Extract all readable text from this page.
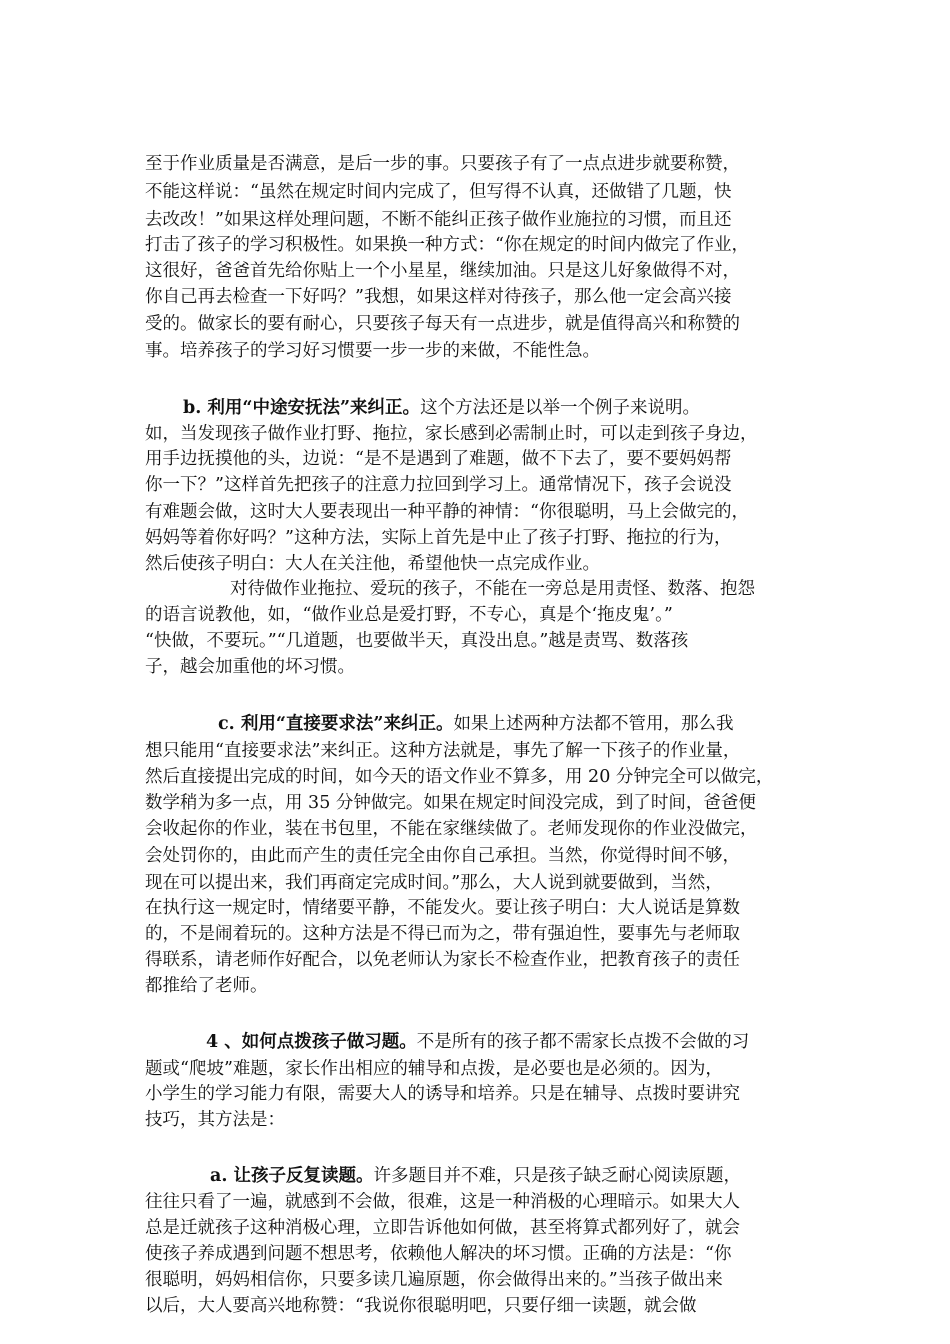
至于作业质量是否满意，是后一步的事。只要孩子有了一点点进步就要称赞，
不能这样说：“虽然在规定时间内完成了，但写得不认真，还做错了几题，快
去改改！”如果这样处理问题，不断不能纠正孩子做作业施拉的习惯，而且还
打击了孩子的学习积极性。如果换一种方式：“你在规定的时间内做完了作业，
这很好，爸爸首先给你贴上一个小星星，继续加油。只是这儿好象做得不对，
你自己再去检查一下好吗？”我想，如果这样对待孩子，那么他一定会高兴接
受的。做家长的要有耐心，只要孩子每天有一点进步，就是值得高兴和称赞的
事。培养孩子的学习好习惯要一步一步的来做，不能性急。
b. 利用“中途安抚法”来纠正。这个方法还是以举一个例子来说明。
如，当发现孩子做作业打野、拖拉，家长感到必需制止时，可以走到孩子身边，
用手边抚摸他的头，边说：“是不是遇到了难题，做不下去了，要不要妈妈帮
你一下？”这样首先把孩子的注意力拉回到学习上。通常情况下，孩子会说没
有难题会做，这时大人要表现出一种平静的神情：“你很聪明，马上会做完的，
妈妈等着你好吗？”这种方法，实际上首先是中止了孩子打野、拖拉的行为，
然后使孩子明白：大人在关注他，希望他快一点完成作业。
对待做作业拖拉、爱玩的孩子，不能在一旁总是用责怪、数落、抱怨
的语言说教他，如，“做作业总是爱打野，不专心，真是个‘拖皮鬼’。”
“快做，不要玩。”“几道题，也要做半天，真没出息。”越是责骂、数落孩
子，越会加重他的坏习惯。
c. 利用“直接要求法”来纠正。如果上述两种方法都不管用，那么我
想只能用“直接要求法”来纠正。这种方法就是，事先了解一下孩子的作业量，
然后直接提出完成的时间，如今天的语文作业不算多，用 20 分钟完全可以做完，
数学稍为多一点，用 35 分钟做完。如果在规定时间没完成，到了时间，爸爸便
会收起你的作业，装在书包里，不能在家继续做了。老师发现你的作业没做完，
会处罚你的，由此而产生的责任完全由你自己承担。当然，你觉得时间不够，
现在可以提出来，我们再商定完成时间。”那么，大人说到就要做到，当然，
在执行这一规定时，情绪要平静，不能发火。要让孩子明白：大人说话是算数
的，不是闹着玩的。这种方法是不得已而为之，带有强迫性，要事先与老师取
得联系，请老师作好配合，以免老师认为家长不检查作业，把教育孩子的责任
都推给了老师。
4 、如何点拨孩子做习题。不是所有的孩子都不需家长点拨不会做的习
题或“爬坡”难题，家长作出相应的辅导和点拨，是必要也是必须的。因为，
小学生的学习能力有限，需要大人的诱导和培养。只是在辅导、点拨时要讲究
技巧，其方法是：
a. 让孩子反复读题。许多题目并不难，只是孩子缺乏耐心阅读原题，
往往只看了一遍，就感到不会做，很难，这是一种消极的心理暗示。如果大人
总是迁就孩子这种消极心理，立即告诉他如何做，甚至将算式都列好了，就会
使孩子养成遇到问题不想思考，依赖他人解决的坏习惯。正确的方法是：“你
很聪明，妈妈相信你，只要多读几遍原题，你会做得出来的。”当孩子做出来
以后，大人要高兴地称赞：“我说你很聪明吧，只要仔细一读题，就会做
